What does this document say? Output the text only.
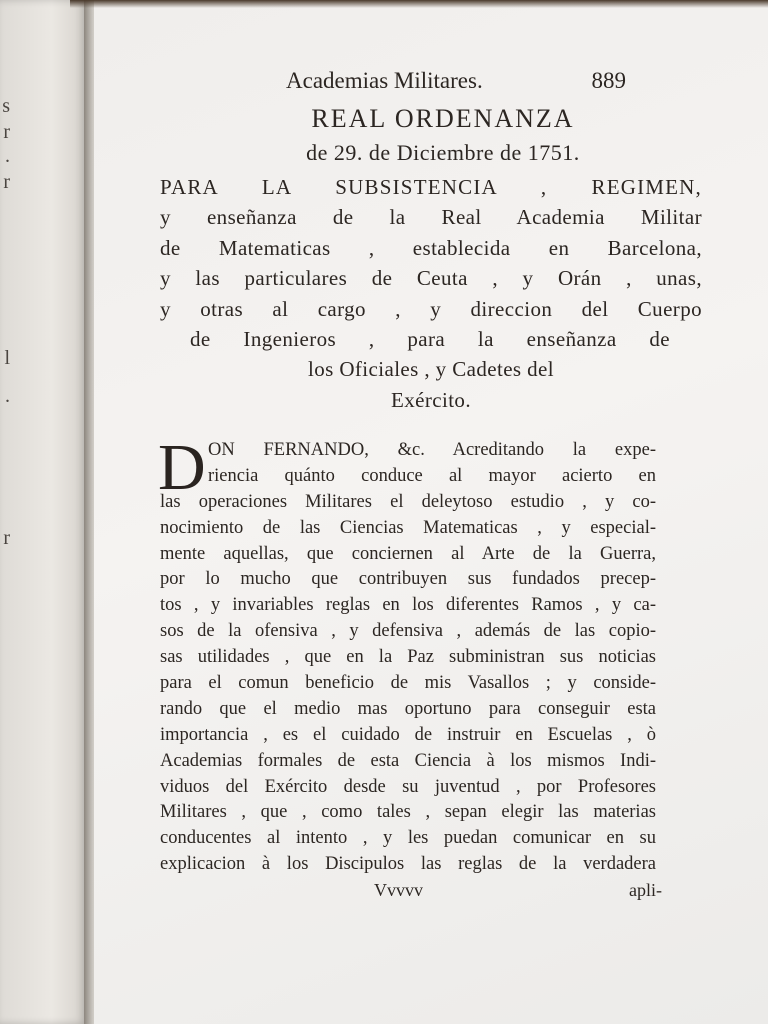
s
r
.
r
l
.
r
Academias Militares.	889
REAL ORDENANZA
de 29. de Diciembre de 1751.
PARA LA SUBSISTENCIA , REGIMEN,
y enseñanza de la Real Academia Militar
de Matematicas , establecida en Barcelona,
y las particulares de Ceuta , y Orán , unas,
y otras al cargo , y direccion del Cuerpo
de Ingenieros , para la enseñanza de
los Oficiales , y Cadetes del
Exército.
D ON FERNANDO, &c. Acreditando la expe-
riencia quánto conduce al mayor acierto en
las operaciones Militares el deleytoso estudio , y co-
nocimiento de las Ciencias Matematicas , y especial-
mente aquellas, que conciernen al Arte de la Guerra,
por lo mucho que contribuyen sus fundados precep-
tos , y invariables reglas en los diferentes Ramos , y ca-
sos de la ofensiva , y defensiva , además de las copio-
sas utilidades , que en la Paz subministran sus noticias
para el comun beneficio de mis Vasallos ; y conside-
rando que el medio mas oportuno para conseguir esta
importancia , es el cuidado de instruir en Escuelas , ò
Academias formales de esta Ciencia à los mismos Indi-
viduos del Exército desde su juventud , por Profesores
Militares , que , como tales , sepan elegir las materias
conducentes al intento , y les puedan comunicar en su
explicacion à los Discipulos las reglas de la verdadera
Vvvvv	apli-
